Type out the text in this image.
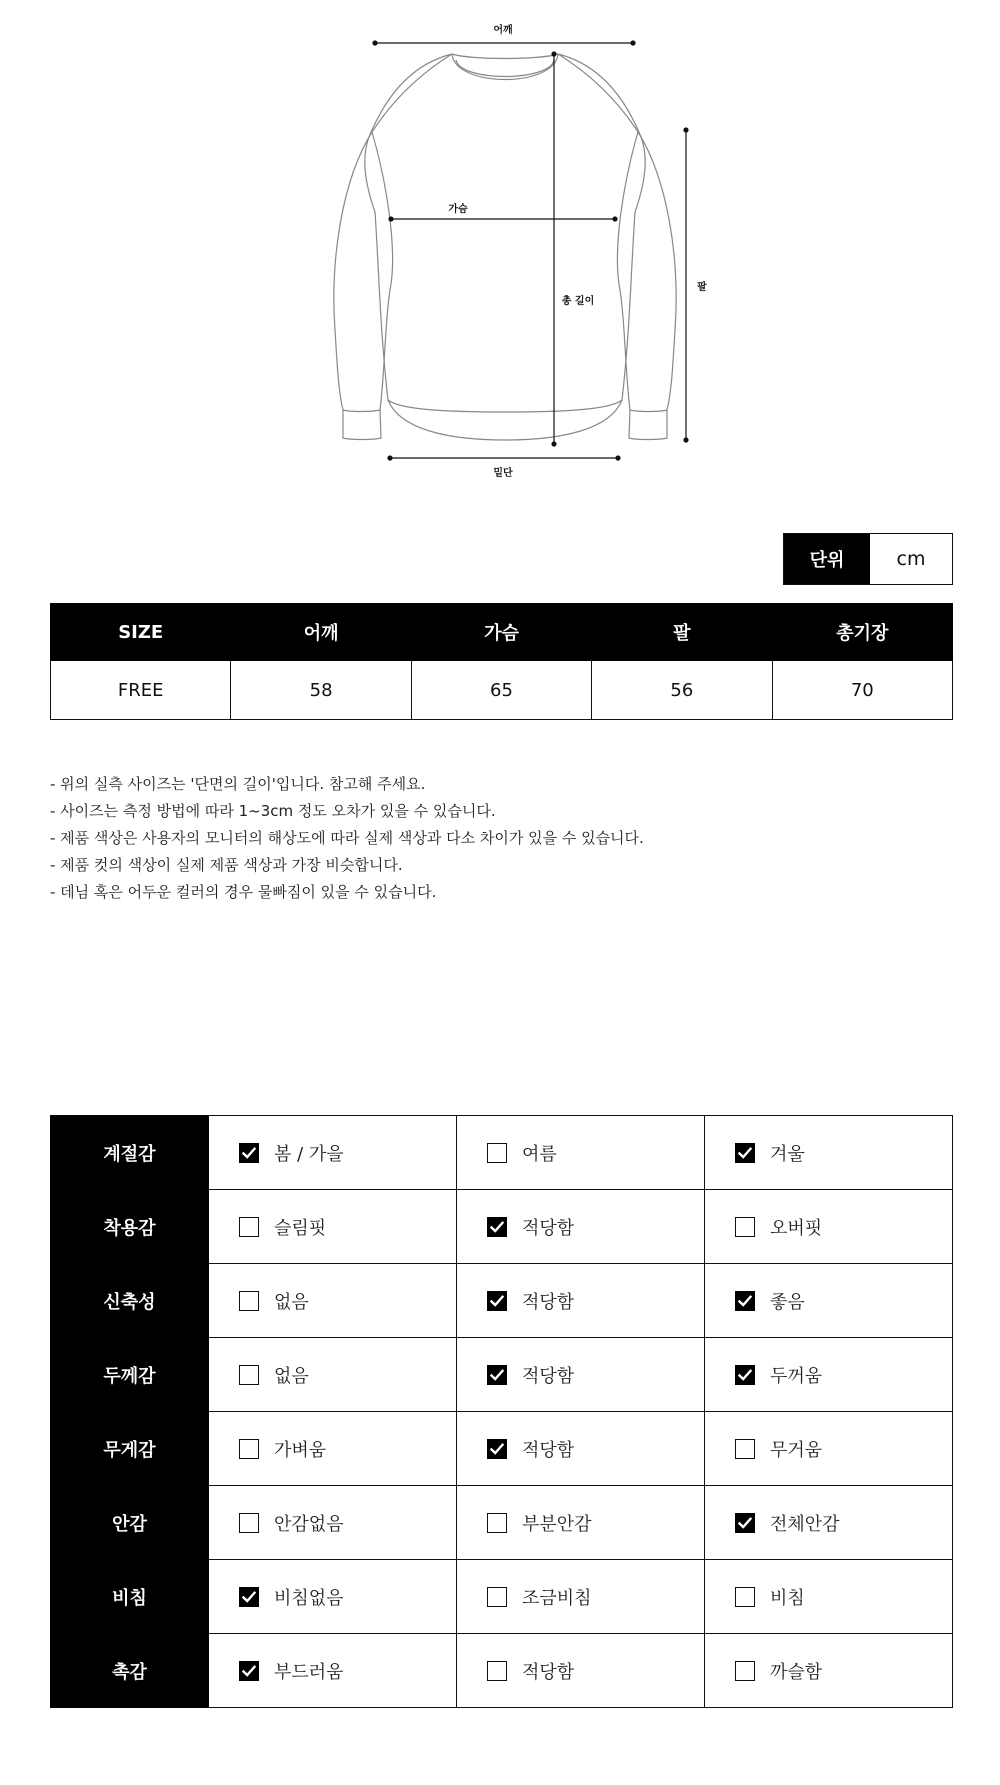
어깨
가슴
총 길이
팔
밑단
단위	cm
SIZE	어깨	가슴	팔	총기장
FREE	58	65	56	70
- 위의 실측 사이즈는 '단면의 길이'입니다. 참고해 주세요.
- 사이즈는 측정 방법에 따라 1~3cm 정도 오차가 있을 수 있습니다.
- 제품 색상은 사용자의 모니터의 해상도에 따라 실제 색상과 다소 차이가 있을 수 있습니다.
- 제품 컷의 색상이 실제 제품 색상과 가장 비슷합니다.
- 데님 혹은 어두운 컬러의 경우 물빠짐이 있을 수 있습니다.
계절감	봄 / 가을	여름	겨울

착용감	슬림핏	적당함	오버핏

신축성	없음	적당함	좋음

두께감	없음	적당함	두꺼움

무게감	가벼움	적당함	무거움

안감	안감없음	부분안감	전체안감

비침	비침없음	조금비침	비침

촉감	부드러움	적당함	까슬함
